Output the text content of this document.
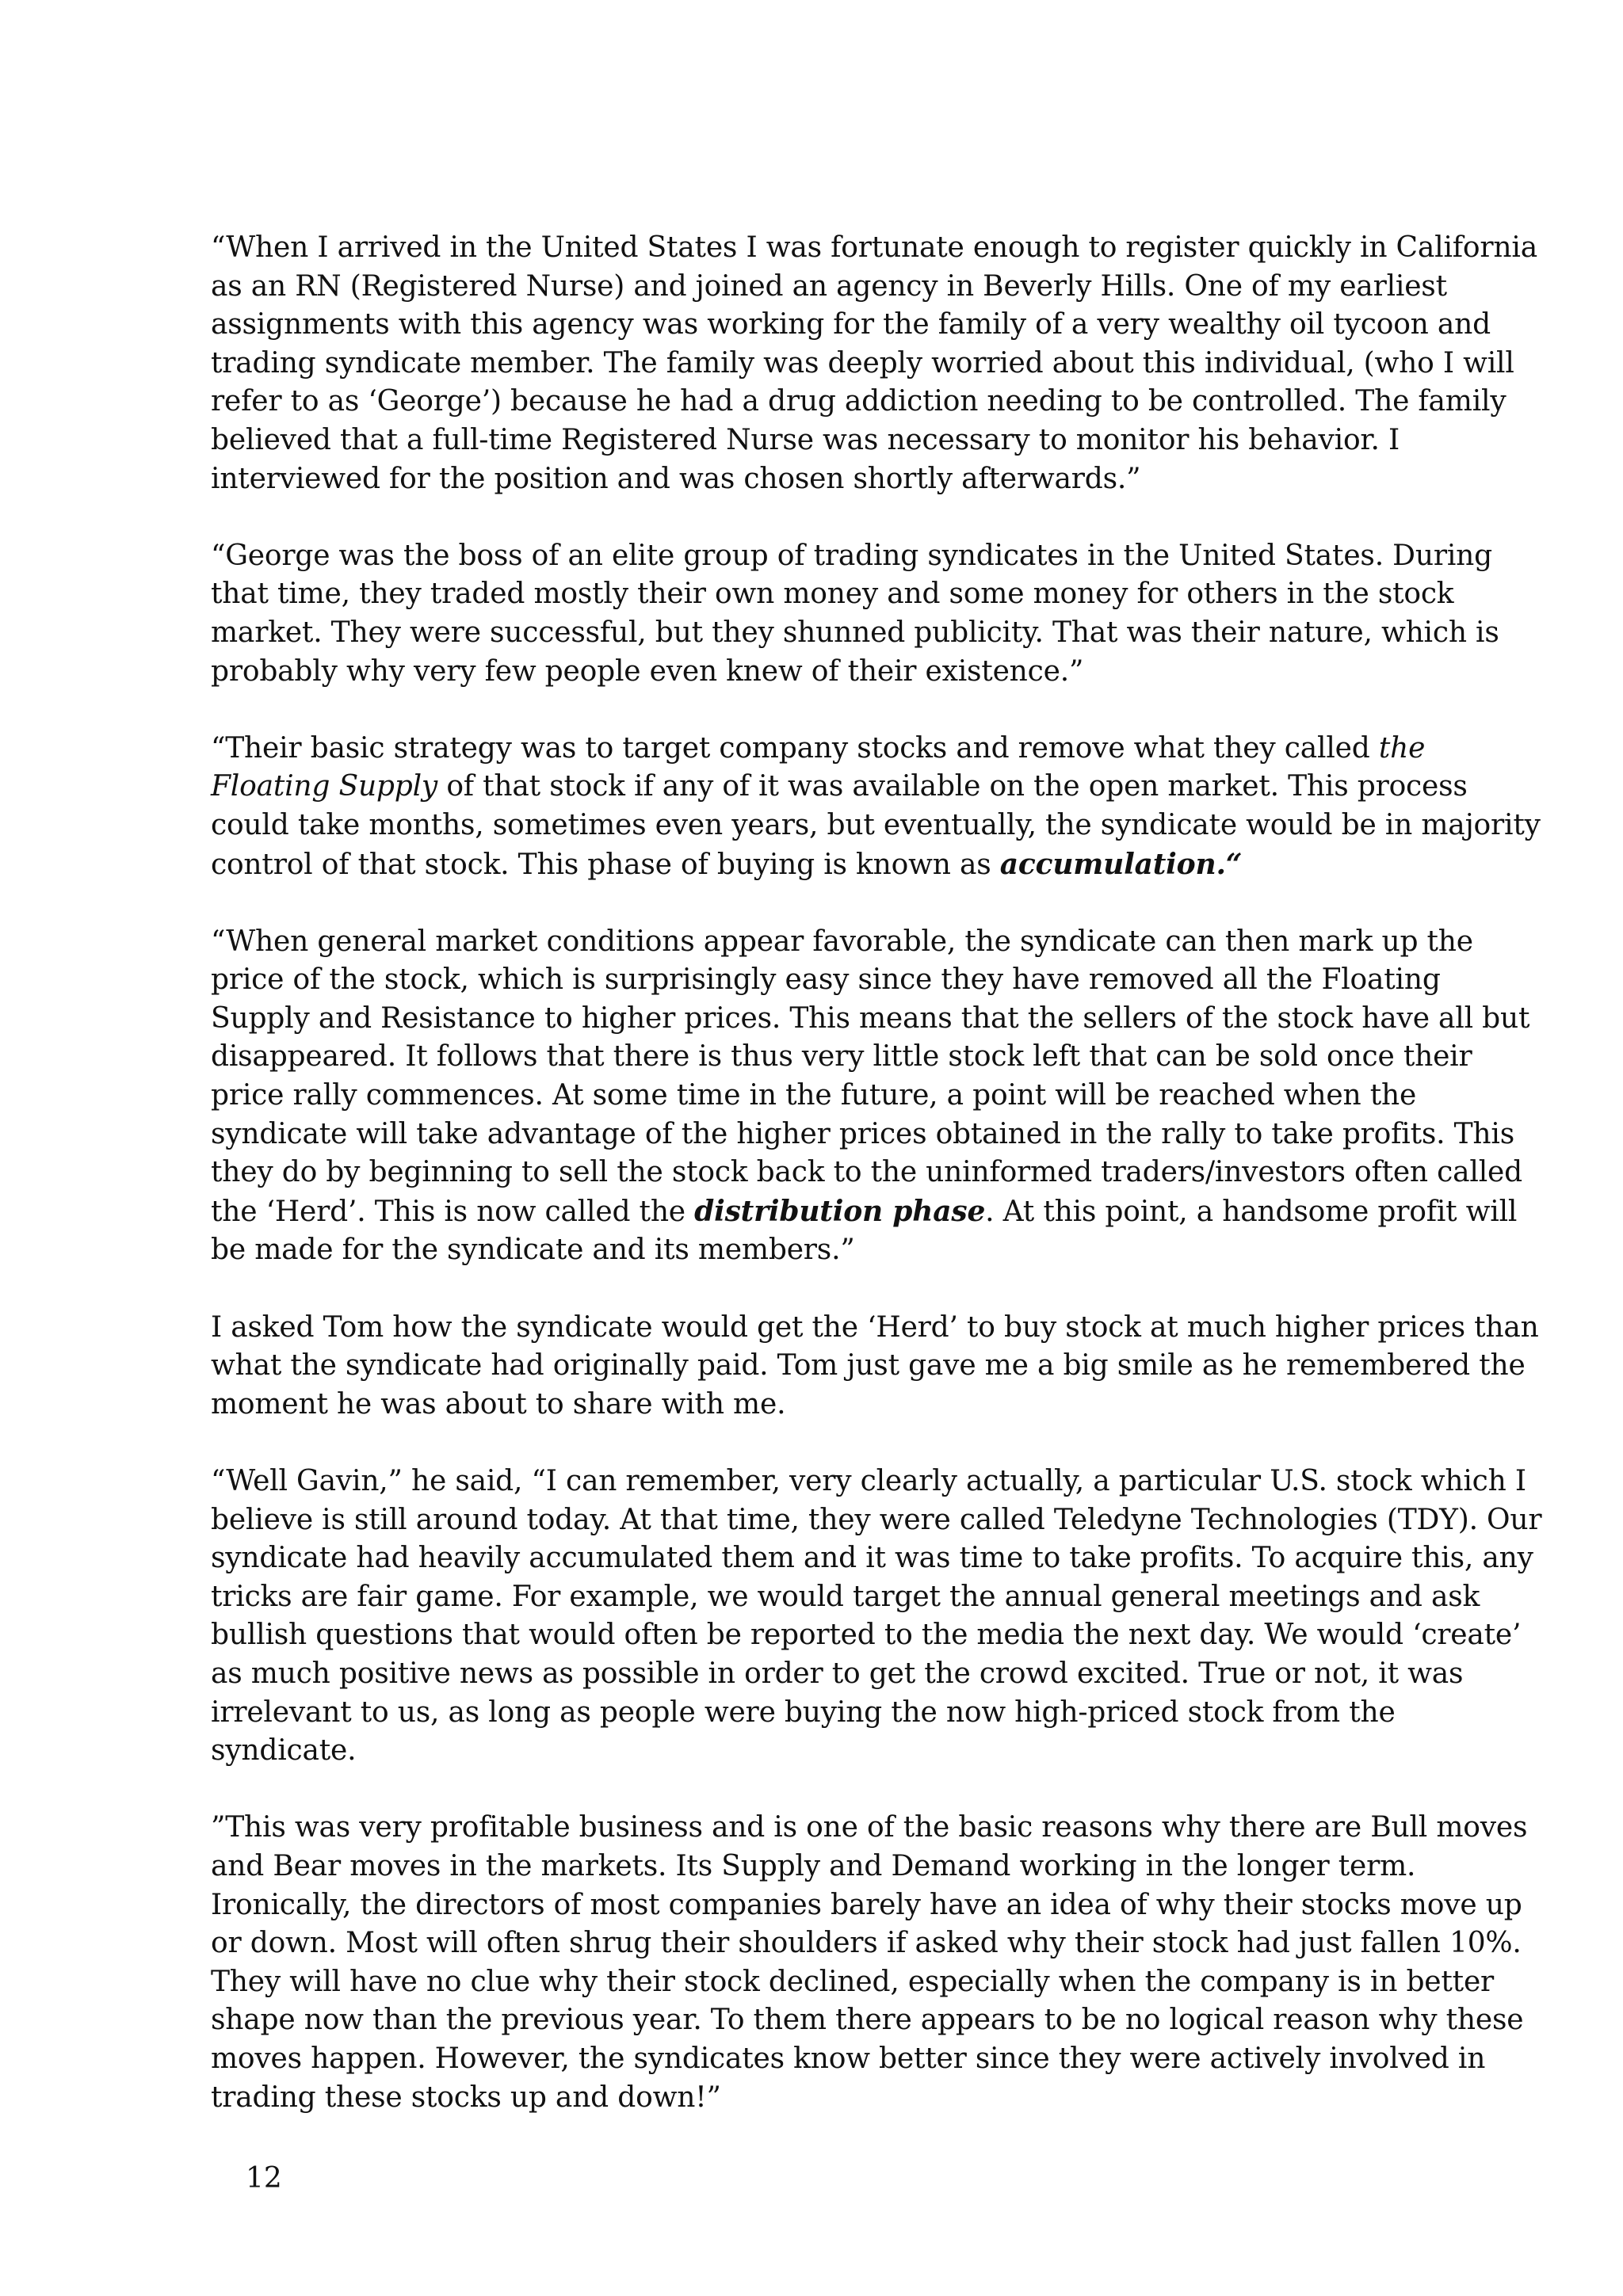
“When I arrived in the United States I was fortunate enough to register quickly in California as an RN (Registered Nurse) and joined an agency in Beverly Hills. One of my earliest assignments with this agency was working for the family of a very wealthy oil tycoon and trading syndicate member. The family was deeply worried about this individual, (who I will refer to as ‘George’) because he had a drug addiction needing to be controlled. The family believed that a full-time Registered Nurse was necessary to monitor his behavior. I interviewed for the position and was chosen shortly afterwards.”

“George was the boss of an elite group of trading syndicates in the United States. During that time, they traded mostly their own money and some money for others in the stock market. They were successful, but they shunned publicity. That was their nature, which is probably why very few people even knew of their existence.”

“Their basic strategy was to target company stocks and remove what they called the Floating Supply of that stock if any of it was available on the open market. This process could take months, sometimes even years, but eventually, the syndicate would be in majority control of that stock. This phase of buying is known as accumulation.“

“When general market conditions appear favorable, the syndicate can then mark up the price of the stock, which is surprisingly easy since they have removed all the Floating Supply and Resistance to higher prices. This means that the sellers of the stock have all but disappeared. It follows that there is thus very little stock left that can be sold once their price rally commences. At some time in the future, a point will be reached when the syndicate will take advantage of the higher prices obtained in the rally to take profits. This they do by beginning to sell the stock back to the uninformed traders/investors often called the ‘Herd’. This is now called the distribution phase. At this point, a handsome profit will be made for the syndicate and its members.”

I asked Tom how the syndicate would get the ‘Herd’ to buy stock at much higher prices than what the syndicate had originally paid. Tom just gave me a big smile as he remembered the moment he was about to share with me.

“Well Gavin,” he said, “I can remember, very clearly actually, a particular U.S. stock which I believe is still around today. At that time, they were called Teledyne Technologies (TDY). Our syndicate had heavily accumulated them and it was time to take profits. To acquire this, any tricks are fair game. For example, we would target the annual general meetings and ask bullish questions that would often be reported to the media the next day. We would ‘create’ as much positive news as possible in order to get the crowd excited. True or not, it was irrelevant to us, as long as people were buying the now high-priced stock from the syndicate.

”This was very profitable business and is one of the basic reasons why there are Bull moves and Bear moves in the markets. Its Supply and Demand working in the longer term. Ironically, the directors of most companies barely have an idea of why their stocks move up or down. Most will often shrug their shoulders if asked why their stock had just fallen 10%. They will have no clue why their stock declined, especially when the company is in better shape now than the previous year. To them there appears to be no logical reason why these moves happen. However, the syndicates know better since they were actively involved in trading these stocks up and down!”

12
